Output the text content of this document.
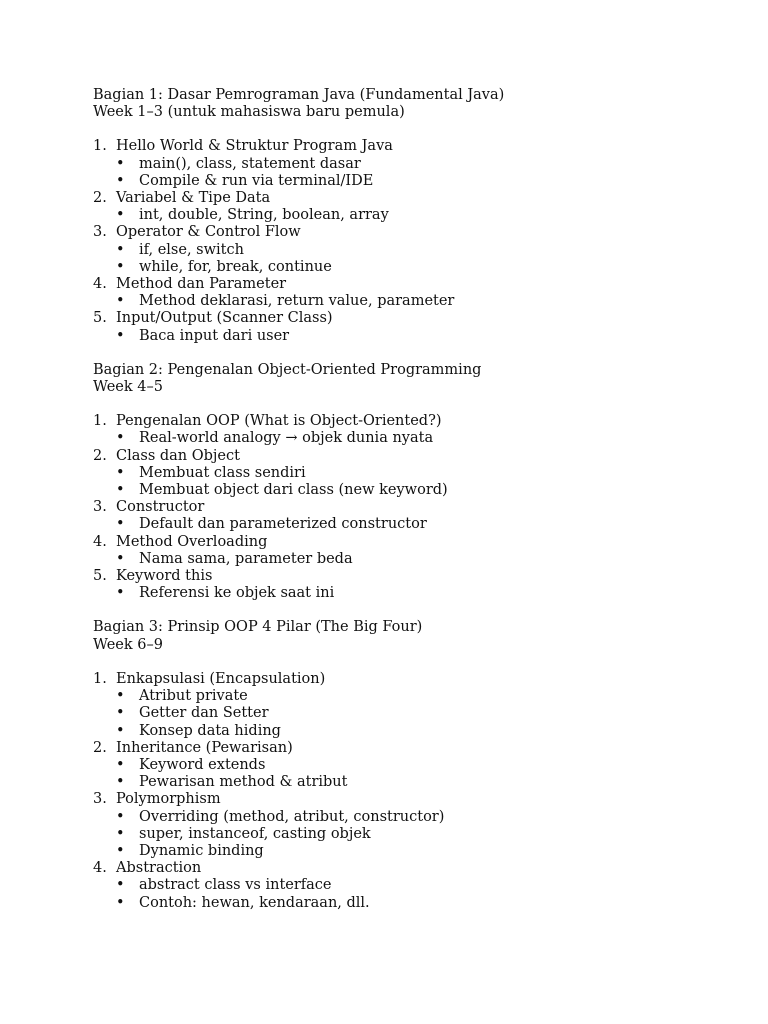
Bagian 1: Dasar Pemrograman Java (Fundamental Java)
Week 1–3 (untuk mahasiswa baru pemula)
1. Hello World & Struktur Program Java
• main(), class, statement dasar
• Compile & run via terminal/IDE
2. Variabel & Tipe Data
• int, double, String, boolean, array
3. Operator & Control Flow
• if, else, switch
• while, for, break, continue
4. Method dan Parameter
• Method deklarasi, return value, parameter
5. Input/Output (Scanner Class)
• Baca input dari user
Bagian 2: Pengenalan Object-Oriented Programming
Week 4–5
1. Pengenalan OOP (What is Object-Oriented?)
• Real-world analogy → objek dunia nyata
2. Class dan Object
• Membuat class sendiri
• Membuat object dari class (new keyword)
3. Constructor
• Default dan parameterized constructor
4. Method Overloading
• Nama sama, parameter beda
5. Keyword this
• Referensi ke objek saat ini
Bagian 3: Prinsip OOP 4 Pilar (The Big Four)
Week 6–9
1. Enkapsulasi (Encapsulation)
• Atribut private
• Getter dan Setter
• Konsep data hiding
2. Inheritance (Pewarisan)
• Keyword extends
• Pewarisan method & atribut
3. Polymorphism
• Overriding (method, atribut, constructor)
• super, instanceof, casting objek
• Dynamic binding
4. Abstraction
• abstract class vs interface
• Contoh: hewan, kendaraan, dll.
